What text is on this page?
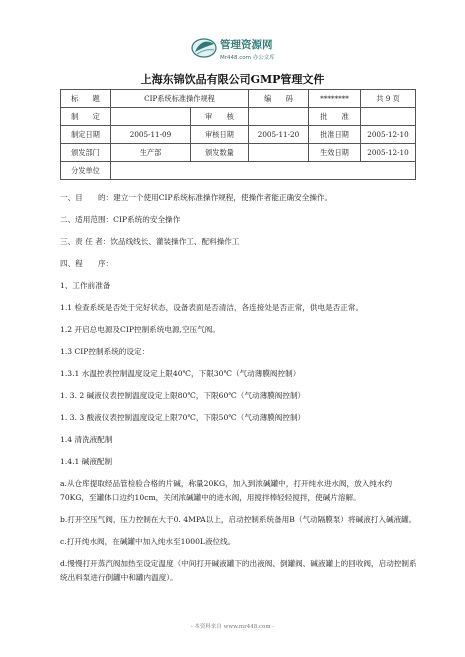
管理资源网
Mr448.com 办公文库
上海东锦饮品有限公司GMP管理文件
标　　题	CIP系统标准操作规程		编　　码	********	共 9 页
制　　定		审　　核		批　　准	
制定日期	2005-11-09	审核日期	2005-11-20	批准日期	2005-12-10
颁发部门	生产部	颁发数量		生效日期	2005-12-10
分发单位					
一、目　　的：建立一个使用CIP系统标准操作规程，使操作者能正确安全操作。
二、适用范围：CIP系统的安全操作
三、责 任 者：饮品线线长、灌装操作工、配料操作工
四、程　　序：
1、工作前准备
1.1 检查系统是否处于完好状态，设备表面是否清洁，各连接处是否正常，供电是否正常。
1.2 开启总电源及CIP控制系统电源,空压气阀。
1.3 CIP控制系统的设定：
1.3.1 水温控表控制温度设定上限40℃，下限30℃（气动薄膜阀控制）
1. 3. 2 碱液仪表控制温度设定上限80℃，下限60℃（气动薄膜阀控制）
1. 3. 3 酸液仪表控制温度设定上限70℃，下限50℃（气动薄膜阀控制）
1.4 清洗液配制
1.4.1 碱液配制
a.从仓库提取经品管检验合格的片碱，称量20KG，加入到浓碱罐中，打开纯水进水阀，放入纯水约70KG，至罐体口边约10cm，关闭浓碱罐中的进水阀，用搅拌棒轻轻搅拌，使碱片溶解。
b.打开空压气阀，压力控制在大于0. 4MPA以上，启动控制系统备用B（气动隔膜泵）将碱液打入碱液罐。
c.打开纯水阀，在碱罐中加入纯水至1000L液位线。
d.慢慢打开蒸汽阀加热至设定温度（中间打开碱液罐下的出液阀、倒罐阀、碱液罐上的回收阀，启动控制系统出料泵进行倒罐中和罐内温度）。
- 本资料来自 www.mr448.com -
